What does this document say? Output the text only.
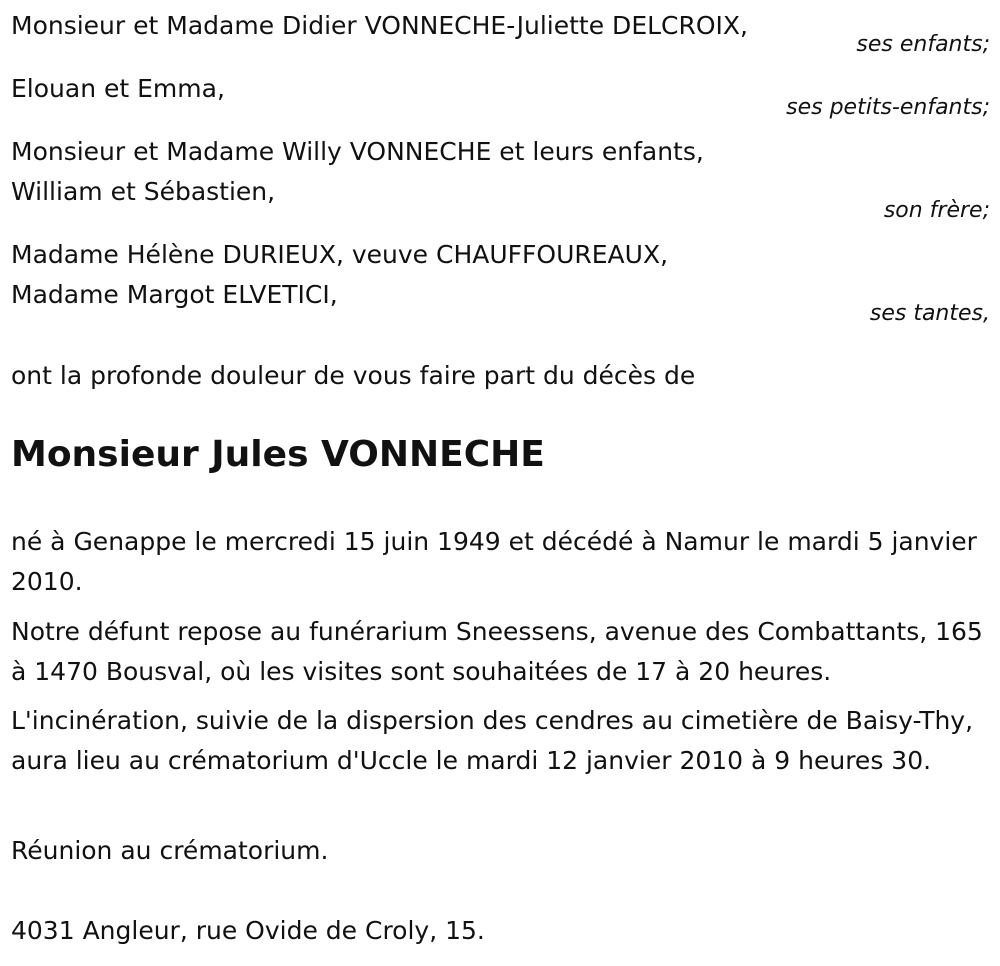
Monsieur et Madame Didier VONNECHE-Juliette DELCROIX,

ses enfants;

Elouan et Emma,

ses petits-enfants;

Monsieur et Madame Willy VONNECHE et leurs enfants,

William et Sébastien,

son frère;

Madame Hélène DURIEUX, veuve CHAUFFOUREAUX,

Madame Margot ELVETICI,

ses tantes,

ont la profonde douleur de vous faire part du décès de

Monsieur Jules VONNECHE

né à Genappe le mercredi 15 juin 1949 et décédé à Namur le mardi 5 janvier 2010.

Notre défunt repose au funérarium Sneessens, avenue des Combattants, 165 à 1470 Bousval, où les visites sont souhaitées de 17 à 20 heures.

L'incinération, suivie de la dispersion des cendres au cimetière de Baisy-Thy, aura lieu au crématorium d'Uccle le mardi 12 janvier 2010 à 9 heures 30.

Réunion au crématorium.

4031 Angleur, rue Ovide de Croly, 15.
